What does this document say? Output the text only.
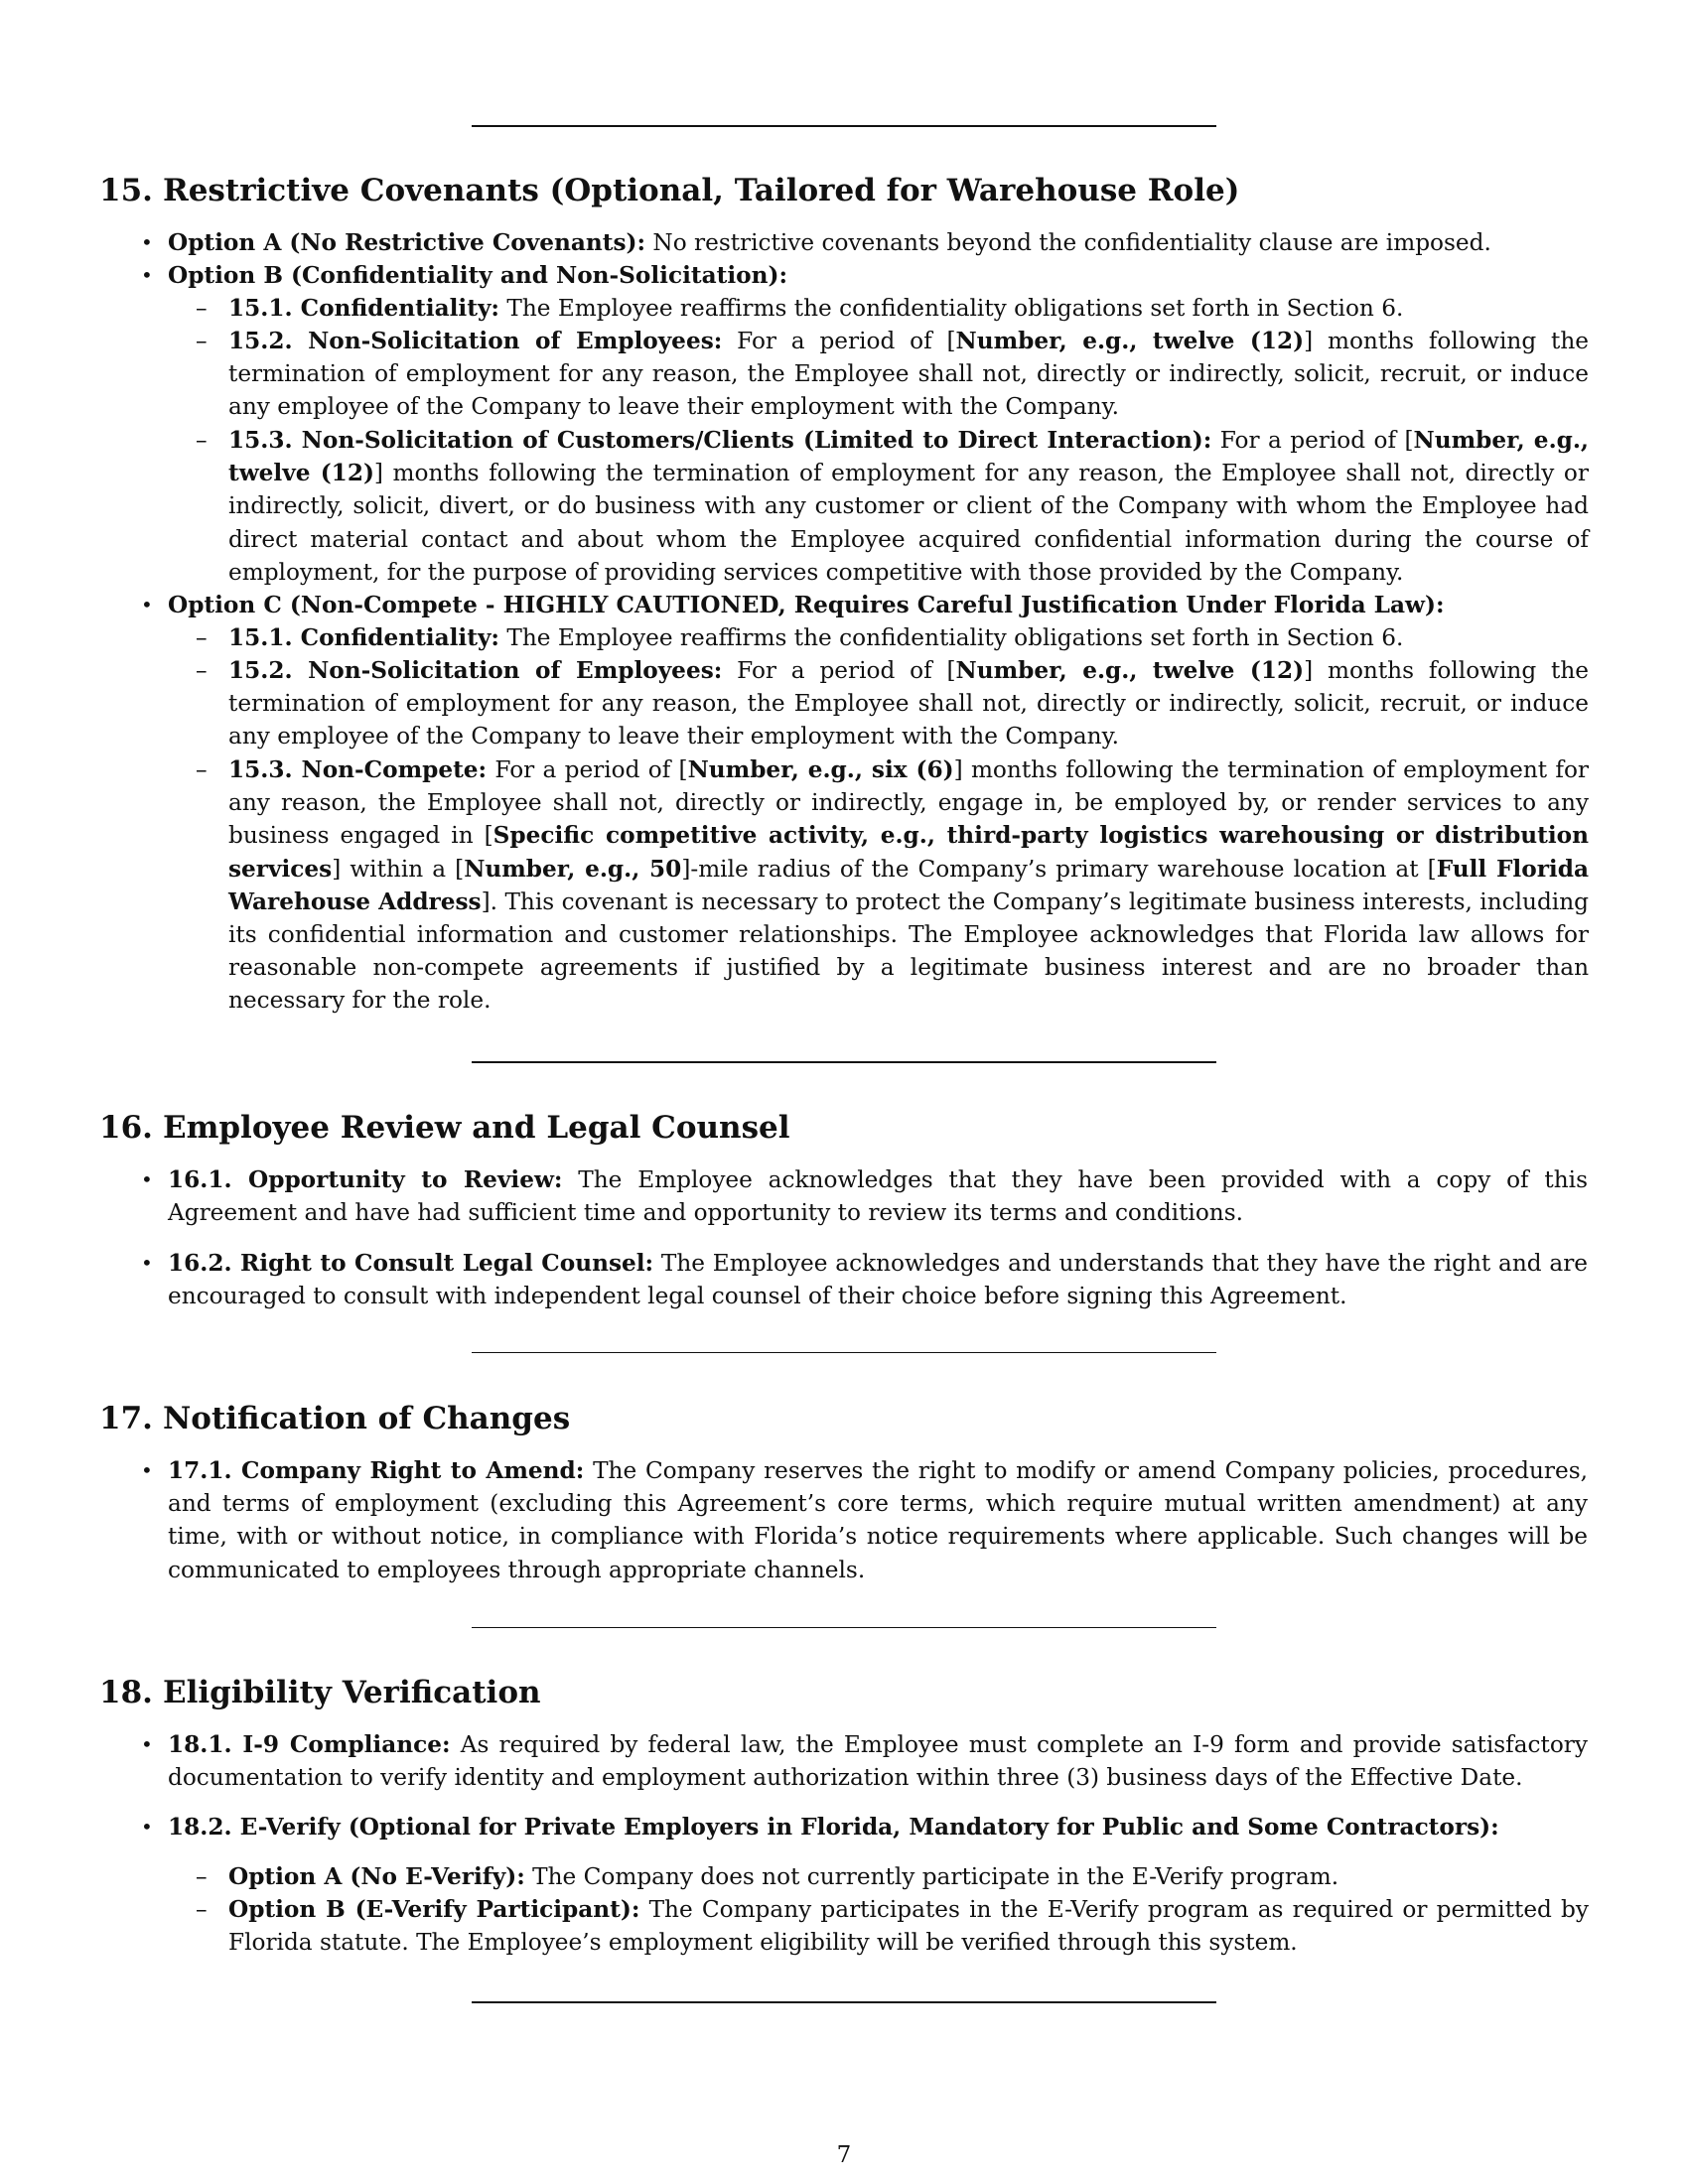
15. Restrictive Covenants (Optional, Tailored for Warehouse Role)
• Option A (No Restrictive Covenants): No restrictive covenants beyond the confidentiality clause are imposed.
• Option B (Confidentiality and Non-Solicitation):
– 15.1. Confidentiality: The Employee reaffirms the confidentiality obligations set forth in Section 6.
– 15.2. Non-Solicitation of Employees: For a period of [Number, e.g., twelve (12)] months following the termination of employment for any reason, the Employee shall not, directly or indirectly, solicit, recruit, or induce any employee of the Company to leave their employment with the Company.
– 15.3. Non-Solicitation of Customers/Clients (Limited to Direct Interaction): For a period of [Number, e.g., twelve (12)] months following the termination of employment for any reason, the Employee shall not, directly or indirectly, solicit, divert, or do business with any customer or client of the Company with whom the Employee had direct material contact and about whom the Employee acquired confidential information during the course of employment, for the purpose of providing services competitive with those provided by the Company.
• Option C (Non-Compete - HIGHLY CAUTIONED, Requires Careful Justification Under Florida Law):
– 15.1. Confidentiality: The Employee reaffirms the confidentiality obligations set forth in Section 6.
– 15.2. Non-Solicitation of Employees: For a period of [Number, e.g., twelve (12)] months following the termination of employment for any reason, the Employee shall not, directly or indirectly, solicit, recruit, or induce any employee of the Company to leave their employment with the Company.
– 15.3. Non-Compete: For a period of [Number, e.g., six (6)] months following the termination of employment for any reason, the Employee shall not, directly or indirectly, engage in, be employed by, or render services to any business engaged in [Specific competitive activity, e.g., third-party logistics warehousing or distribution services] within a [Number, e.g., 50]-mile radius of the Company’s primary warehouse location at [Full Florida Warehouse Address]. This covenant is necessary to protect the Company’s legitimate business interests, including its confidential information and customer relationships. The Employee acknowledges that Florida law allows for reasonable non-compete agreements if justified by a legitimate business interest and are no broader than necessary for the role.
16. Employee Review and Legal Counsel
• 16.1. Opportunity to Review: The Employee acknowledges that they have been provided with a copy of this Agreement and have had sufficient time and opportunity to review its terms and conditions.
• 16.2. Right to Consult Legal Counsel: The Employee acknowledges and understands that they have the right and are encouraged to consult with independent legal counsel of their choice before signing this Agreement.
17. Notification of Changes
• 17.1. Company Right to Amend: The Company reserves the right to modify or amend Company policies, procedures, and terms of employment (excluding this Agreement’s core terms, which require mutual written amendment) at any time, with or without notice, in compliance with Florida’s notice requirements where applicable. Such changes will be communicated to employees through appropriate channels.
18. Eligibility Verification
• 18.1. I-9 Compliance: As required by federal law, the Employee must complete an I-9 form and provide satisfactory documentation to verify identity and employment authorization within three (3) business days of the Effective Date.
• 18.2. E-Verify (Optional for Private Employers in Florida, Mandatory for Public and Some Contractors):
– Option A (No E-Verify): The Company does not currently participate in the E-Verify program.
– Option B (E-Verify Participant): The Company participates in the E-Verify program as required or permitted by Florida statute. The Employee’s employment eligibility will be verified through this system.
7
